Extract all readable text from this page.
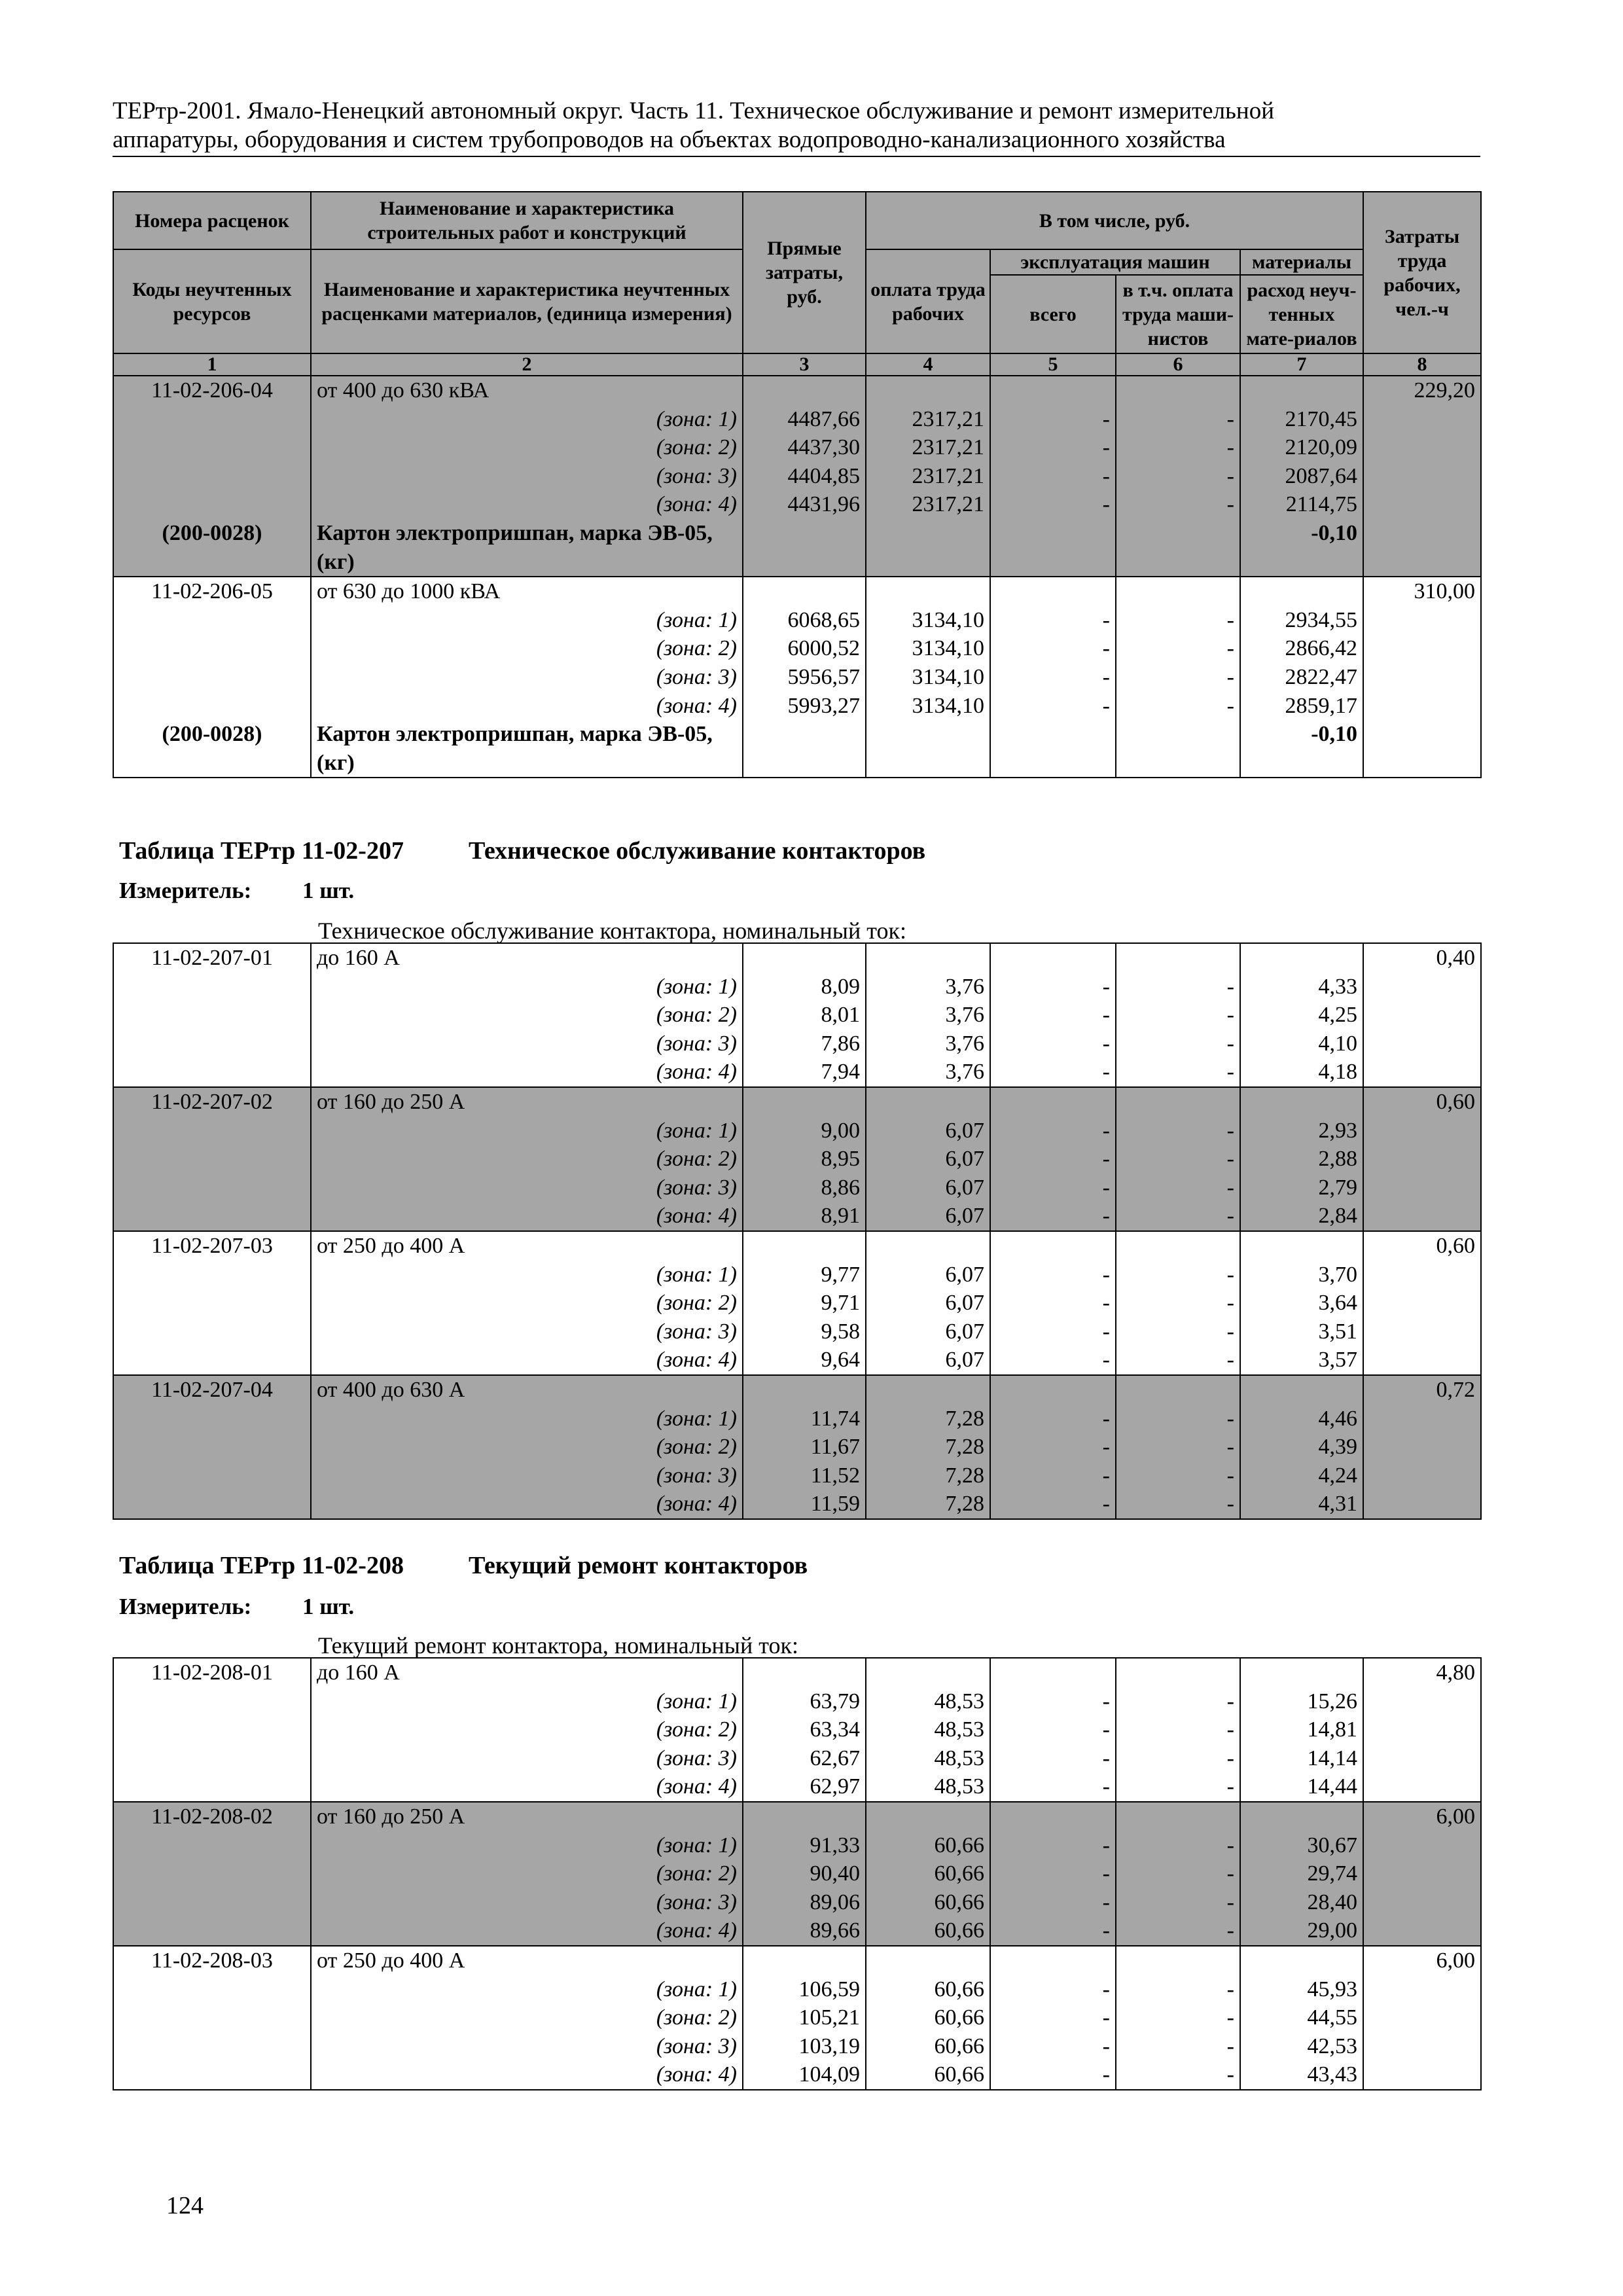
ТЕРтр-2001. Ямало-Ненецкий автономный округ. Часть 11. Техническое обслуживание и ремонт измерительной
аппаратуры, оборудования и систем трубопроводов на объектах водопроводно-канализационного хозяйства
Номера расценок	Наименование и характеристика строительных работ и конструкций	Прямые затраты, руб.	В том числе, руб.				Затраты труда рабочих, чел.-ч
Коды неучтенных ресурсов	Наименование и характеристика неучтенных расценками материалов, (единица измерения)		оплата труда рабочих	эксплуатация машин		материалы	
				всего	в т.ч. оплата труда маши-нистов	расход неуч-тенных мате-риалов	

1	2	3	4	5	6	7	8
11-02-206-04	от 400 до 630 кВА						229,20
	(зона: 1)	4487,66	2317,21	-	-	2170,45	
	(зона: 2)	4437,30	2317,21	-	-	2120,09	
	(зона: 3)	4404,85	2317,21	-	-	2087,64	
	(зона: 4)	4431,96	2317,21	-	-	2114,75	
(200-0028)	Картон электропришпан, марка ЭВ-05, (кг)					-0,10	
11-02-206-05	от 630 до 1000 кВА						310,00
	(зона: 1)	6068,65	3134,10	-	-	2934,55	
	(зона: 2)	6000,52	3134,10	-	-	2866,42	
	(зона: 3)	5956,57	3134,10	-	-	2822,47	
	(зона: 4)	5993,27	3134,10	-	-	2859,17	
(200-0028)	Картон электропришпан, марка ЭВ-05, (кг)					-0,10	
Таблица ТЕРтр 11-02-207	Техническое обслуживание контакторов
Измеритель: 1 шт.
Техническое обслуживание контактора, номинальный ток:
11-02-207-01	до 160 А						0,40
	(зона: 1)	8,09	3,76	-	-	4,33	
	(зона: 2)	8,01	3,76	-	-	4,25	
	(зона: 3)	7,86	3,76	-	-	4,10	
	(зона: 4)	7,94	3,76	-	-	4,18	
11-02-207-02	от 160 до 250 А						0,60
	(зона: 1)	9,00	6,07	-	-	2,93	
	(зона: 2)	8,95	6,07	-	-	2,88	
	(зона: 3)	8,86	6,07	-	-	2,79	
	(зона: 4)	8,91	6,07	-	-	2,84	
11-02-207-03	от 250 до 400 А						0,60
	(зона: 1)	9,77	6,07	-	-	3,70	
	(зона: 2)	9,71	6,07	-	-	3,64	
	(зона: 3)	9,58	6,07	-	-	3,51	
	(зона: 4)	9,64	6,07	-	-	3,57	
11-02-207-04	от 400 до 630 А						0,72
	(зона: 1)	11,74	7,28	-	-	4,46	
	(зона: 2)	11,67	7,28	-	-	4,39	
	(зона: 3)	11,52	7,28	-	-	4,24	
	(зона: 4)	11,59	7,28	-	-	4,31	
Таблица ТЕРтр 11-02-208	Текущий ремонт контакторов
Измеритель: 1 шт.
Текущий ремонт контактора, номинальный ток:
11-02-208-01	до 160 А						4,80
	(зона: 1)	63,79	48,53	-	-	15,26	
	(зона: 2)	63,34	48,53	-	-	14,81	
	(зона: 3)	62,67	48,53	-	-	14,14	
	(зона: 4)	62,97	48,53	-	-	14,44	
11-02-208-02	от 160 до 250 А						6,00
	(зона: 1)	91,33	60,66	-	-	30,67	
	(зона: 2)	90,40	60,66	-	-	29,74	
	(зона: 3)	89,06	60,66	-	-	28,40	
	(зона: 4)	89,66	60,66	-	-	29,00	
11-02-208-03	от 250 до 400 А						6,00
	(зона: 1)	106,59	60,66	-	-	45,93	
	(зона: 2)	105,21	60,66	-	-	44,55	
	(зона: 3)	103,19	60,66	-	-	42,53	
	(зона: 4)	104,09	60,66	-	-	43,43	
124
